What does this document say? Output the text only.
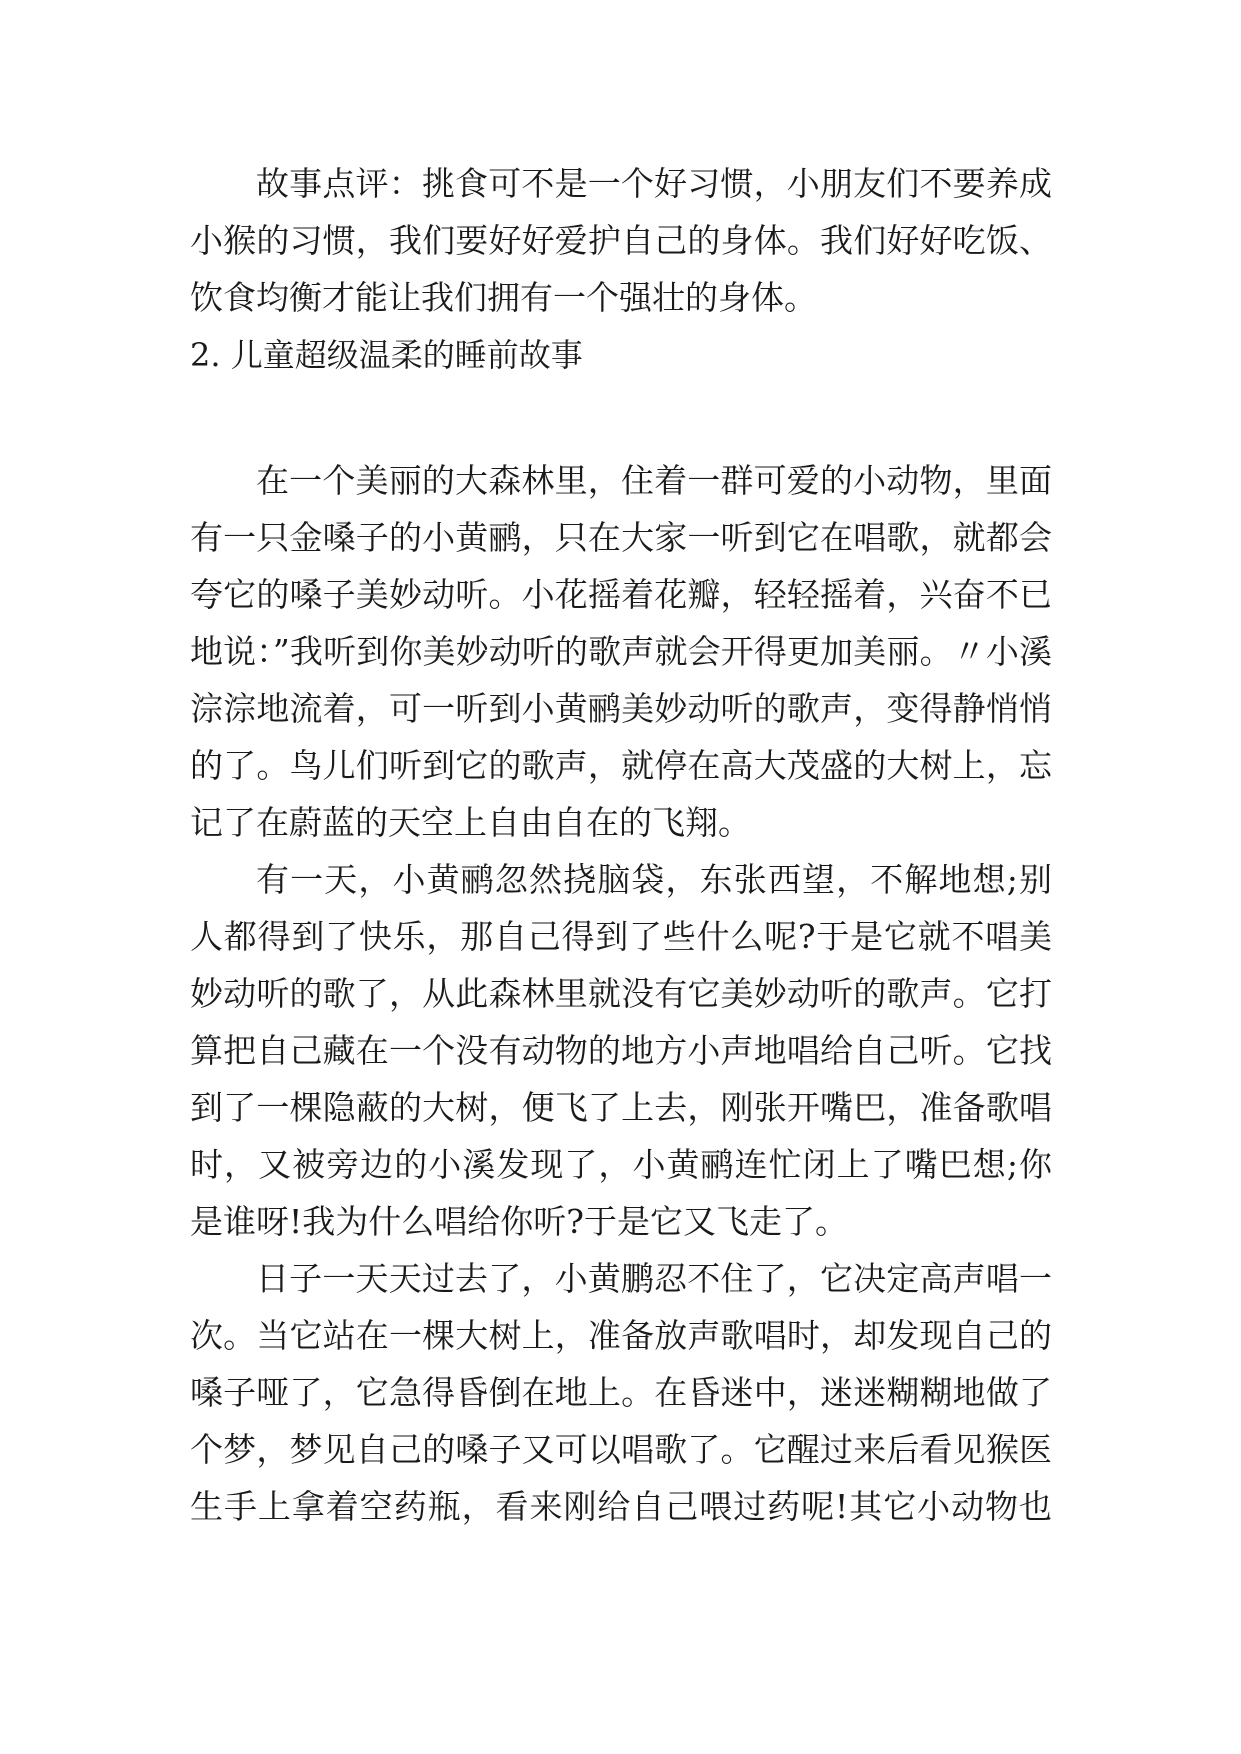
故事点评：挑食可不是一个好习惯，小朋友们不要养成
小猴的习惯，我们要好好爱护自己的身体。我们好好吃饭、
饮食均衡才能让我们拥有一个强壮的身体。
2. 儿童超级温柔的睡前故事
在一个美丽的大森林里，住着一群可爱的小动物，里面
有一只金嗓子的小黄鹂，只在大家一听到它在唱歌，就都会
夸它的嗓子美妙动听。小花摇着花瓣，轻轻摇着，兴奋不已
地说：”我听到你美妙动听的歌声就会开得更加美丽。〃小溪
淙淙地流着，可一听到小黄鹂美妙动听的歌声，变得静悄悄
的了。鸟儿们听到它的歌声，就停在高大茂盛的大树上，忘
记了在蔚蓝的天空上自由自在的飞翔。
有一天，小黄鹂忽然挠脑袋，东张西望，不解地想;别
人都得到了快乐，那自己得到了些什么呢?于是它就不唱美
妙动听的歌了，从此森林里就没有它美妙动听的歌声。它打
算把自己藏在一个没有动物的地方小声地唱给自己听。它找
到了一棵隐蔽的大树，便飞了上去，刚张开嘴巴，准备歌唱
时，又被旁边的小溪发现了，小黄鹂连忙闭上了嘴巴想;你
是谁呀!我为什么唱给你听?于是它又飞走了。
日子一天天过去了，小黄鹏忍不住了，它决定高声唱一
次。当它站在一棵大树上，准备放声歌唱时，却发现自己的
嗓子哑了，它急得昏倒在地上。在昏迷中，迷迷糊糊地做了
个梦，梦见自己的嗓子又可以唱歌了。它醒过来后看见猴医
生手上拿着空药瓶，看来刚给自己喂过药呢!其它小动物也
